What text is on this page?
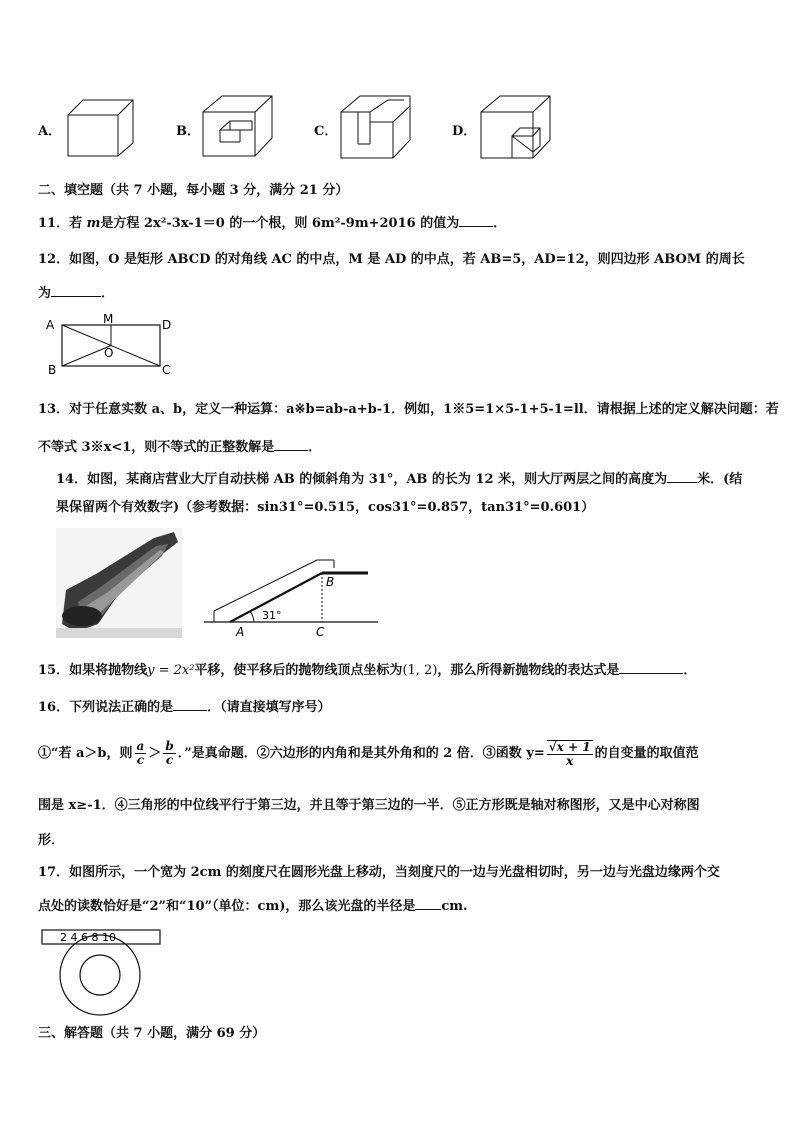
A．	B．	C．	D．
二、填空题（共 7 小题，每小题 3 分，满分 21 分）
11．若 m是方程 2x²-3x-1＝0 的一个根，则 6m²-9m+2016 的值为	．
12．如图，O 是矩形 ABCD 的对角线 AC 的中点，M 是 AD 的中点，若 AB=5，AD=12，则四边形 ABOM 的周长
为	．
A	M	D
O
B	C
13．对于任意实数 a、b，定义一种运算：a※b=ab-a+b-1．例如，1※5=1×5-1+5-1=ll．请根据上述的定义解决问题：若
不等式 3※x<1，则不等式的正整数解是	．
14．如图，某商店营业大厅自动扶梯 AB 的倾斜角为 31°，AB 的长为 12 米，则大厅两层之间的高度为 米．(结
果保留两个有效数字)（参考数据：sin31°=0.515，cos31°=0.857，tan31°=0.601）
A
B
C
31°
15．如果将抛物线y = 2x²平移，使平移后的抛物线顶点坐标为(1, 2)，那么所得新抛物线的表达式是	．
16．下列说法正确的是	．（请直接填写序号）
①“若 a＞b，则 $\frac{a}{c} > \frac{b}{c}$ ．”是真命题．②六边形的内角和是其外角和的 2 倍．③函数 $y= \frac{√x + 1}{x}$ 的自变量的取值范
围是 x≥-1．④三角形的中位线平行于第三边，并且等于第三边的一半．⑤正方形既是轴对称图形，又是中心对称图
形．
17．如图所示，一个宽为 2cm 的刻度尺在圆形光盘上移动，当刻度尺的一边与光盘相切时，另一边与光盘边缘两个交
点处的读数恰好是“2”和“10”（单位：cm)，那么该光盘的半径是 cm.
2 4 6 8 10
三、解答题（共 7 小题，满分 69 分）
